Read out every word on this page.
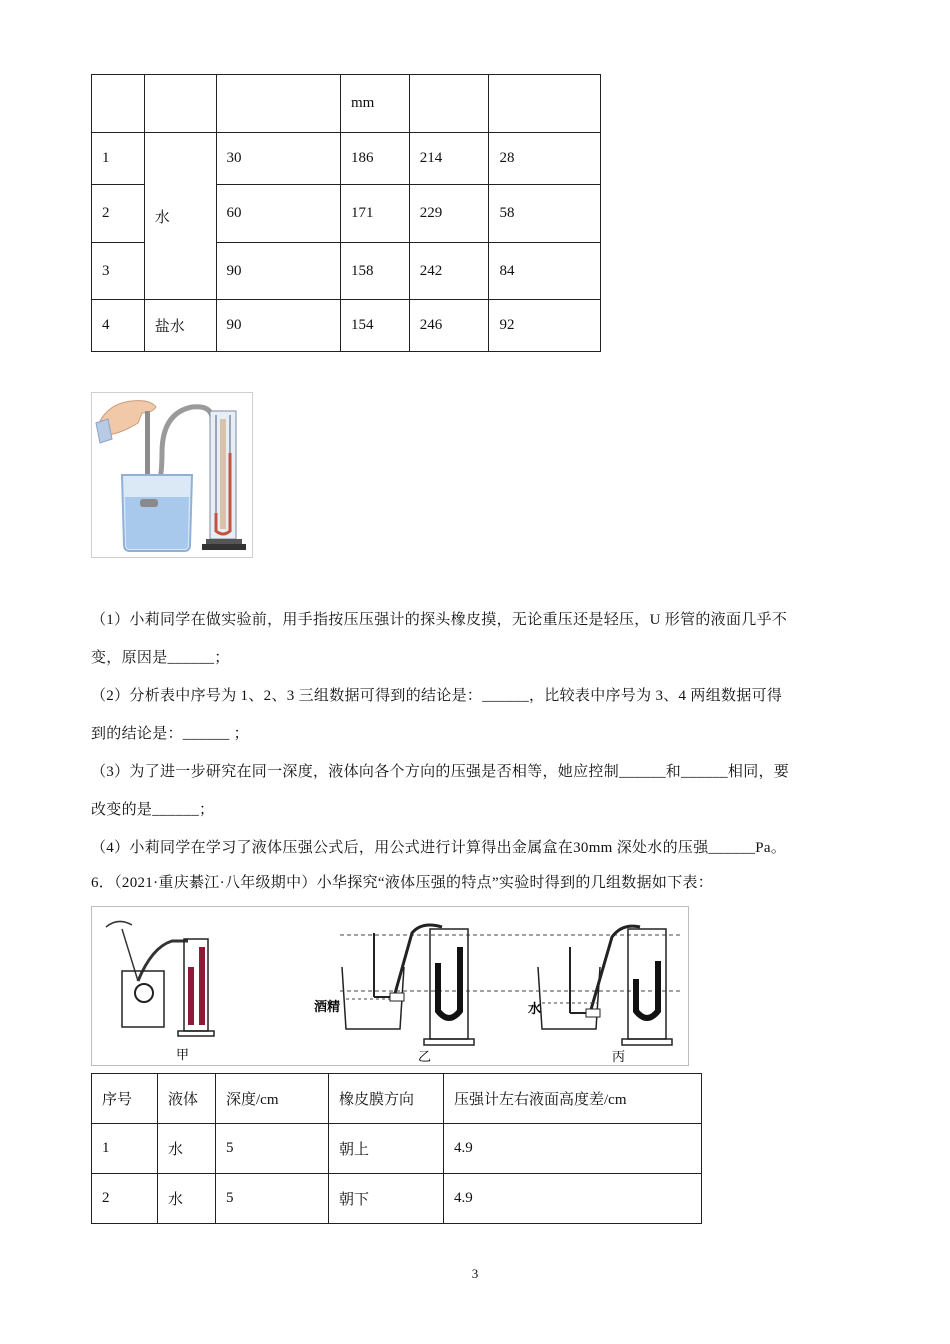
			mm		
1	水	30	186	214	28
2		60	171	229	58
3		90	158	242	84
4	盐水	90	154	246	92
（1）小莉同学在做实验前，用手指按压压强计的探头橡皮摸，无论重压还是轻压，U 形管的液面几乎不
变，原因是______；
（2）分析表中序号为 1、2、3 三组数据可得到的结论是：______，比较表中序号为 3、4 两组数据可得
到的结论是：______ ；
（3）为了进一步研究在同一深度，液体向各个方向的压强是否相等，她应控制______和______相同，要
改变的是______；
（4）小莉同学在学习了液体压强公式后，用公式进行计算得出金属盒在30mm 深处水的压强______Pa。
6．（2021·重庆綦江·八年级期中）小华探究“液体压强的特点”实验时得到的几组数据如下表：
甲
酒精
乙
水
丙
序号	液体	深度/cm	橡皮膜方向	压强计左右液面高度差/cm
1	水	5	朝上	4.9
2	水	5	朝下	4.9
3
